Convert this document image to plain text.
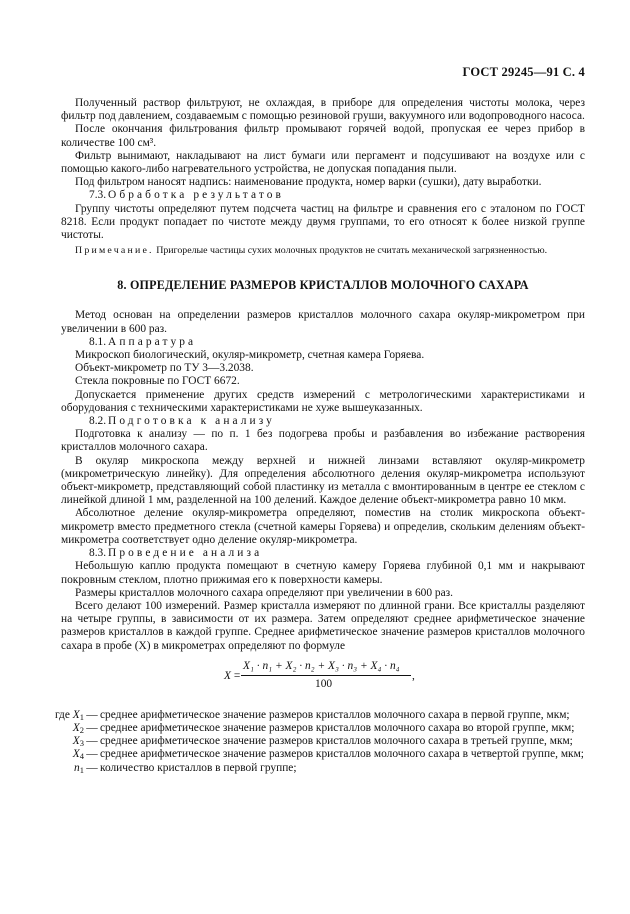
ГОСТ 29245—91 С. 4

Полученный раствор фильтруют, не охлаждая, в приборе для определения чистоты молока, через фильтр под давлением, создаваемым с помощью резиновой груши, вакуумного или водопроводного насоса.

После окончания фильтрования фильтр промывают горячей водой, пропуская ее через прибор в количестве 100 см³.

Фильтр вынимают, накладывают на лист бумаги или пергамент и подсушивают на воздухе или с помощью какого-либо нагревательного устройства, не допуская попадания пыли.

Под фильтром наносят надпись: наименование продукта, номер варки (сушки), дату выработки.

7.3. Обработка результатов

Группу чистоты определяют путем подсчета частиц на фильтре и сравнения его с эталоном по ГОСТ 8218. Если продукт попадает по чистоте между двумя группами, то его относят к более низкой группе чистоты.

Примечание. Пригорелые частицы сухих молочных продуктов не считать механической загрязненностью.
8. ОПРЕДЕЛЕНИЕ РАЗМЕРОВ КРИСТАЛЛОВ МОЛОЧНОГО САХАРА

Метод основан на определении размеров кристаллов молочного сахара окуляр-микрометром при увеличении в 600 раз.

8.1. Аппаратура

Микроскоп биологический, окуляр-микрометр, счетная камера Горяева.

Объект-микрометр по ТУ 3—3.2038.

Стекла покровные по ГОСТ 6672.

Допускается применение других средств измерений с метрологическими характеристиками и оборудования с техническими характеристиками не хуже вышеуказанных.

8.2. Подготовка к анализу

Подготовка к анализу — по п. 1 без подогрева пробы и разбавления во избежание растворения кристаллов молочного сахара.

В окуляр микроскопа между верхней и нижней линзами вставляют окуляр-микрометр (микрометрическую линейку). Для определения абсолютного деления окуляр-микрометра используют объект-микрометр, представляющий собой пластинку из металла с вмонтированным в центре ее стеклом с линейкой длиной 1 мм, разделенной на 100 делений. Каждое деление объект-микрометра равно 10 мкм.

Абсолютное деление окуляр-микрометра определяют, поместив на столик микроскопа объект-микрометр вместо предметного стекла (счетной камеры Горяева) и определив, скольким делениям объект-микрометра соответствует одно деление окуляр-микрометра.

8.3. Проведение анализа

Небольшую каплю продукта помещают в счетную камеру Горяева глубиной 0,1 мм и накрывают покровным стеклом, плотно прижимая его к поверхности камеры.

Размеры кристаллов молочного сахара определяют при увеличении в 600 раз.

Всего делают 100 измерений. Размер кристалла измеряют по длинной грани. Все кристаллы разделяют на четыре группы, в зависимости от их размера. Затем определяют среднее арифметическое значение размеров кристаллов в каждой группе. Среднее арифметическое значение размеров кристаллов молочного сахара в пробе (X) в микрометрах определяют по формуле

X =
X₁ · n₁ + X₂ · n₂ + X₃ · n₃ + X₄ · n₄
100
,
где $X_1$ — среднее арифметическое значение размеров кристаллов молочного сахара в первой группе, мкм;
$X_2$ — среднее арифметическое значение размеров кристаллов молочного сахара во второй группе, мкм;
$X_3$ — среднее арифметическое значение размеров кристаллов молочного сахара в третьей группе, мкм;
$X_4$ — среднее арифметическое значение размеров кристаллов молочного сахара в четвертой группе, мкм;
$n_1$ — количество кристаллов в первой группе;
